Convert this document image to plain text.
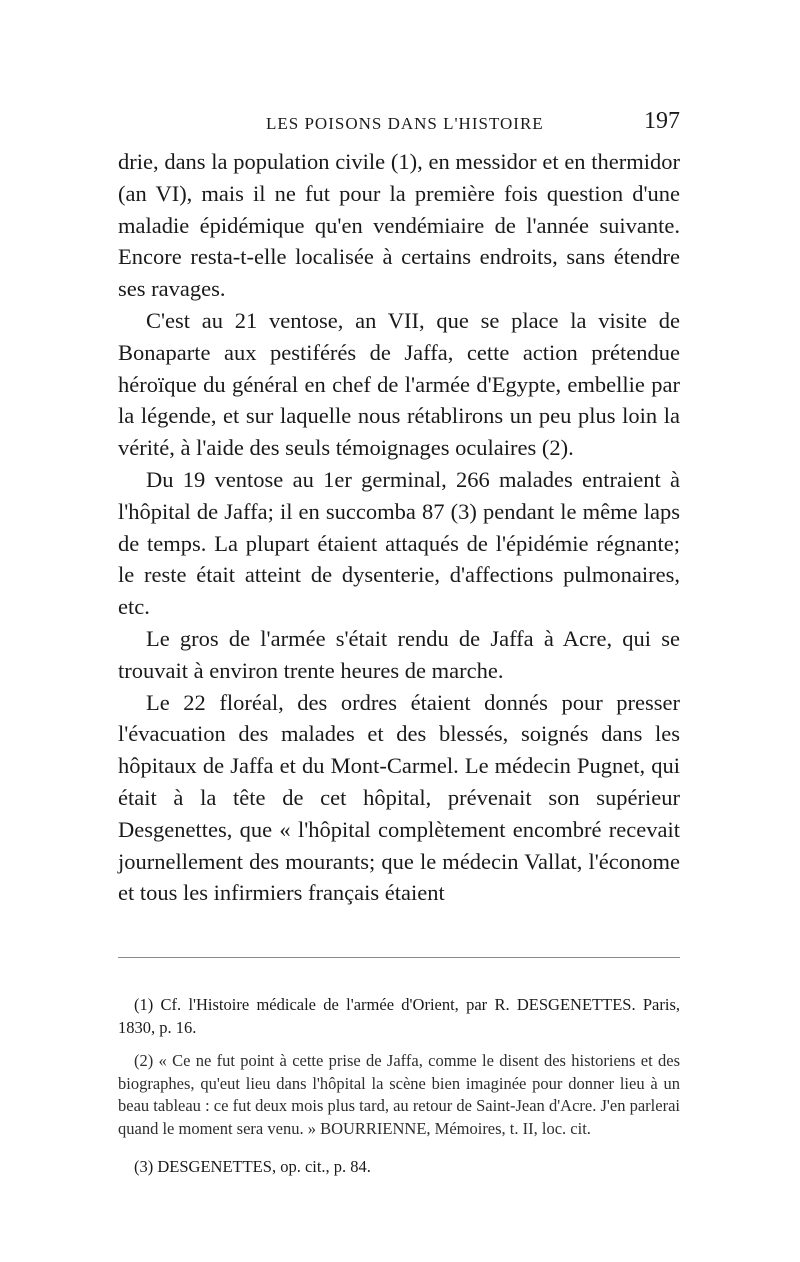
LES POISONS DANS L'HISTOIRE	197

drie, dans la population civile (1), en messidor et en thermidor (an VI), mais il ne fut pour la première fois question d'une maladie épidémique qu'en vendémiaire de l'année suivante. Encore resta-t-elle localisée à certains endroits, sans étendre ses ravages.

C'est au 21 ventose, an VII, que se place la visite de Bonaparte aux pestiférés de Jaffa, cette action prétendue héroïque du général en chef de l'armée d'Egypte, embellie par la légende, et sur laquelle nous rétablirons un peu plus loin la vérité, à l'aide des seuls témoignages oculaires (2).

Du 19 ventose au 1er germinal, 266 malades entraient à l'hôpital de Jaffa; il en succomba 87 (3) pendant le même laps de temps. La plupart étaient attaqués de l'épidémie régnante; le reste était atteint de dysenterie, d'affections pulmonaires, etc.

Le gros de l'armée s'était rendu de Jaffa à Acre, qui se trouvait à environ trente heures de marche.

Le 22 floréal, des ordres étaient donnés pour presser l'évacuation des malades et des blessés, soignés dans les hôpitaux de Jaffa et du Mont-Carmel. Le médecin Pugnet, qui était à la tête de cet hôpital, prévenait son supérieur Desgenettes, que « l'hôpital complètement encombré recevait journellement des mourants; que le médecin Vallat, l'économe et tous les infirmiers français étaient

(1) Cf. l'Histoire médicale de l'armée d'Orient, par R. DESGENETTES. Paris, 1830, p. 16.

(2) « Ce ne fut point à cette prise de Jaffa, comme le disent des historiens et des biographes, qu'eut lieu dans l'hôpital la scène bien imaginée pour donner lieu à un beau tableau : ce fut deux mois plus tard, au retour de Saint-Jean d'Acre. J'en parlerai quand le moment sera venu. » BOURRIENNE, Mémoires, t. II, loc. cit.

(3) DESGENETTES, op. cit., p. 84.
